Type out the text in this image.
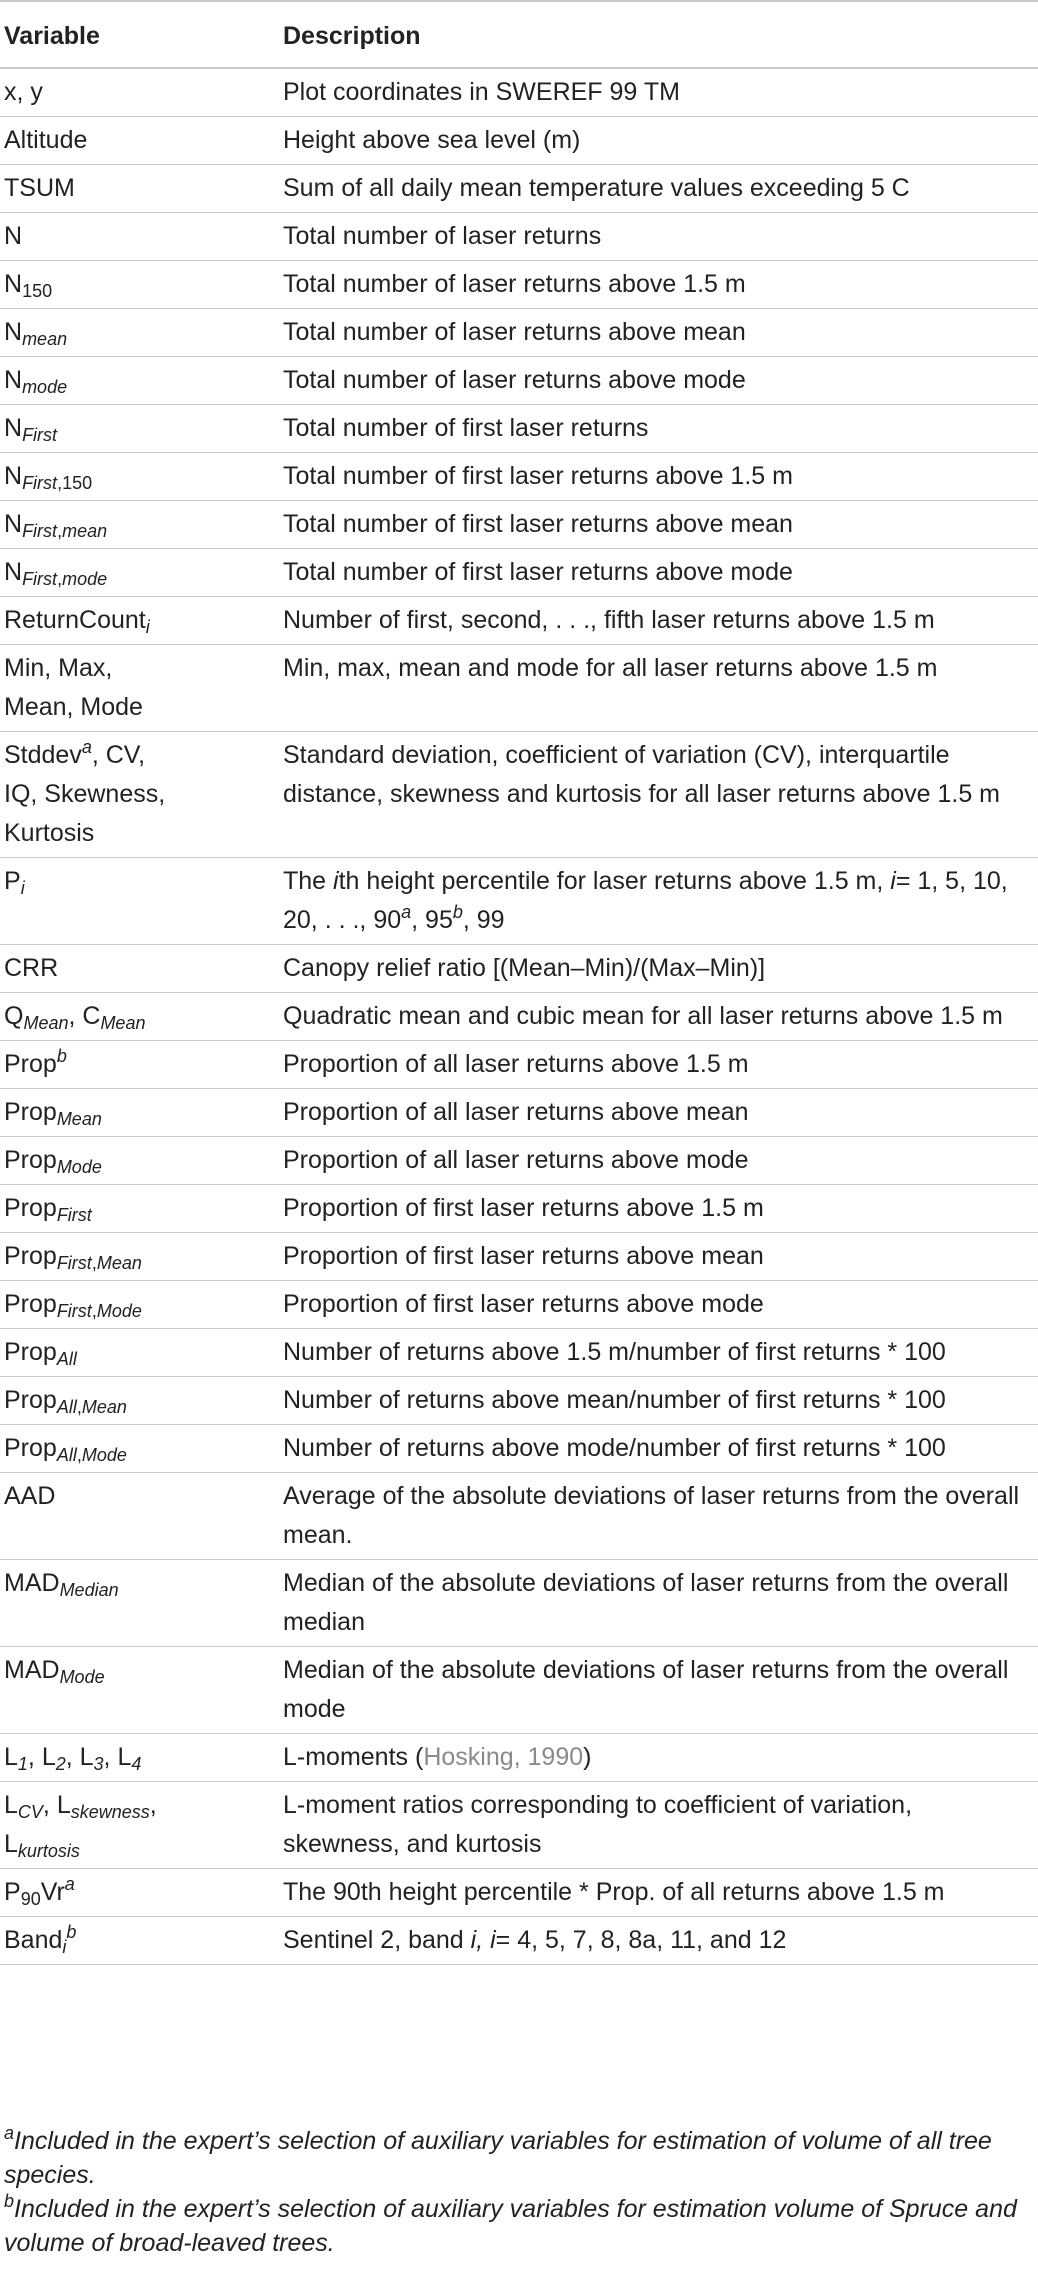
Variable	Description
x, y	Plot coordinates in SWEREF 99 TM
Altitude	Height above sea level (m)
TSUM	Sum of all daily mean temperature values exceeding 5 C
N	Total number of laser returns
$N_{150}$	Total number of laser returns above 1.5 m
$N_{mean}$	Total number of laser returns above mean
$N_{mode}$	Total number of laser returns above mode
$N_{First}$	Total number of first laser returns
$N_{First,150}$	Total number of first laser returns above 1.5 m
$N_{First,mean}$	Total number of first laser returns above mean
$N_{First,mode}$	Total number of first laser returns above mode
ReturnCount$_i$	Number of first, second, . . ., fifth laser returns above 1.5 m
Min, Max,
Mean, Mode	Min, max, mean and mode for all laser returns above 1.5 m
Stddev$^a$, CV,
IQ, Skewness,
Kurtosis	Standard deviation, coefficient of variation (CV), interquartile distance, skewness and kurtosis for all laser returns above 1.5 m
$P_i$	The ith height percentile for laser returns above 1.5 m, i= 1, 5, 10, 20, . . ., 90$^a$, 95$^b$, 99
CRR	Canopy relief ratio [(Mean–Min)/(Max–Min)]
$Q_{Mean}$, $C_{Mean}$	Quadratic mean and cubic mean for all laser returns above 1.5 m
Prop$^b$	Proportion of all laser returns above 1.5 m
Prop$_{Mean}$	Proportion of all laser returns above mean
Prop$_{Mode}$	Proportion of all laser returns above mode
Prop$_{First}$	Proportion of first laser returns above 1.5 m
Prop$_{First,Mean}$	Proportion of first laser returns above mean
Prop$_{First,Mode}$	Proportion of first laser returns above mode
Prop$_{All}$	Number of returns above 1.5 m/number of first returns * 100
Prop$_{All,Mean}$	Number of returns above mean/number of first returns * 100
Prop$_{All,Mode}$	Number of returns above mode/number of first returns * 100
AAD	Average of the absolute deviations of laser returns from the overall mean.
$MAD_{Median}$	Median of the absolute deviations of laser returns from the overall median
$MAD_{Mode}$	Median of the absolute deviations of laser returns from the overall mode
$L_1$, $L_2$, $L_3$, $L_4$	L-moments (Hosking, 1990)
$L_{CV}$, $L_{skewness}$,
$L_{kurtosis}$	L-moment ratios corresponding to coefficient of variation, skewness, and kurtosis
$P_{90}Vr^a$	The 90th height percentile * Prop. of all returns above 1.5 m
Band$_i^b$	Sentinel 2, band i, i= 4, 5, 7, 8, 8a, 11, and 12

$^a$Included in the expert’s selection of auxiliary variables for estimation of volume of all tree species.

$^b$Included in the expert’s selection of auxiliary variables for estimation volume of Spruce and volume of broad-leaved trees.
